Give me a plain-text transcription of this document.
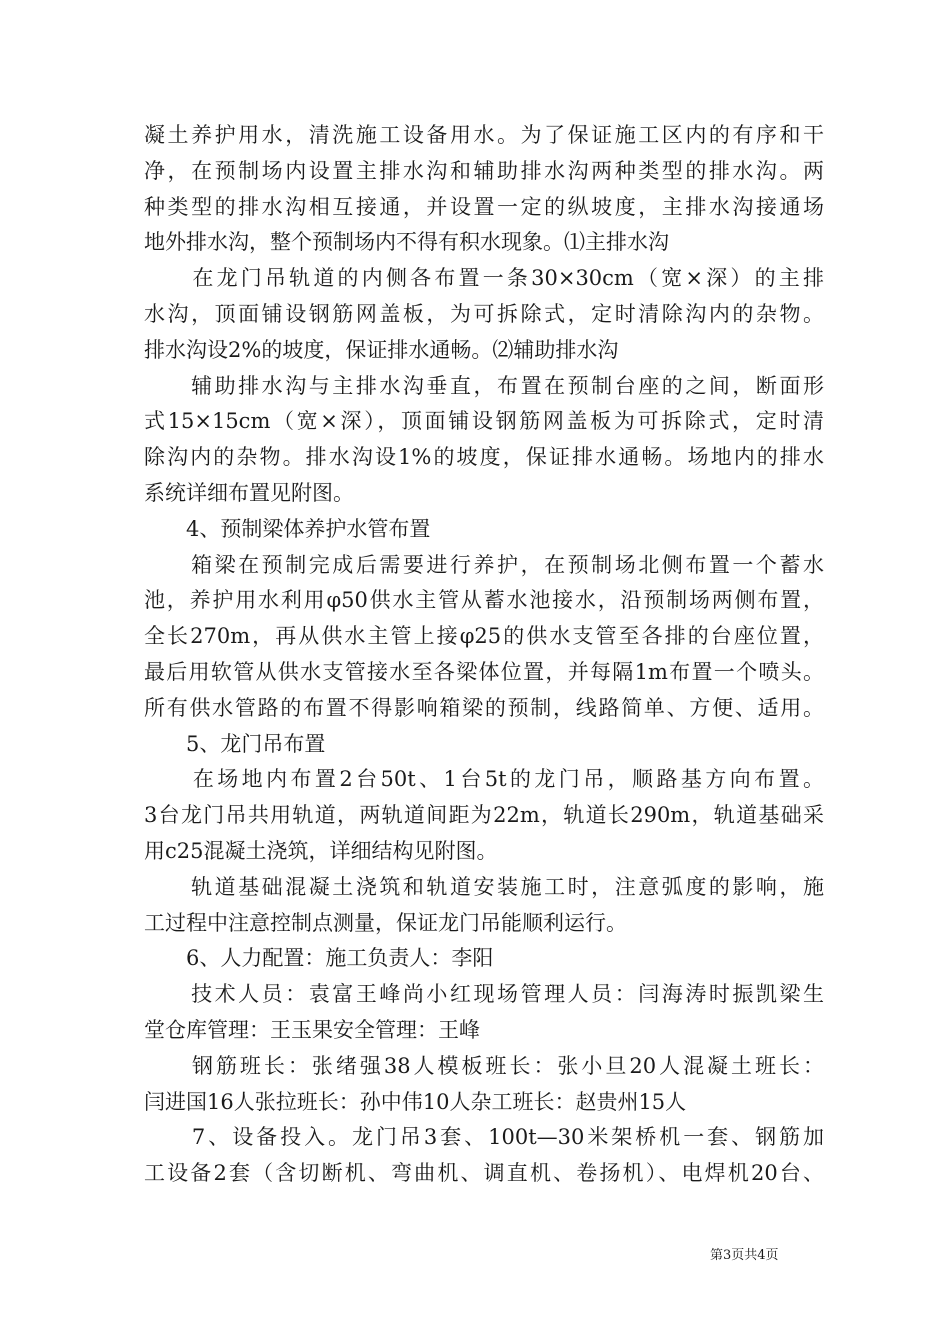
凝土养护用水，清洗施工设备用水。为了保证施工区内的有序和干
净，在预制场内设置主排水沟和辅助排水沟两种类型的排水沟。两
种类型的排水沟相互接通，并设置一定的纵坡度，主排水沟接通场
地外排水沟，整个预制场内不得有积水现象。⑴主排水沟
　　在龙门吊轨道的内侧各布置一条30×30cm（宽×深）的主排
水沟，顶面铺设钢筋网盖板，为可拆除式，定时清除沟内的杂物。
排水沟设2%的坡度，保证排水通畅。⑵辅助排水沟
　　辅助排水沟与主排水沟垂直，布置在预制台座的之间，断面形
式15×15cm（宽×深），顶面铺设钢筋网盖板为可拆除式，定时清
除沟内的杂物。排水沟设1%的坡度，保证排水通畅。场地内的排水
系统详细布置见附图。
　　4、预制梁体养护水管布置
　　箱梁在预制完成后需要进行养护，在预制场北侧布置一个蓄水
池，养护用水利用φ50供水主管从蓄水池接水，沿预制场两侧布置，
全长270m，再从供水主管上接φ25的供水支管至各排的台座位置，
最后用软管从供水支管接水至各梁体位置，并每隔1m布置一个喷头。
所有供水管路的布置不得影响箱梁的预制，线路简单、方便、适用。
　　5、龙门吊布置
　　在场地内布置2台50t、1台5t的龙门吊，顺路基方向布置。
3台龙门吊共用轨道，两轨道间距为22m，轨道长290m，轨道基础采
用c25混凝土浇筑，详细结构见附图。
　　轨道基础混凝土浇筑和轨道安装施工时，注意弧度的影响，施
工过程中注意控制点测量，保证龙门吊能顺利运行。
　　6、人力配置：施工负责人：李阳
　　技术人员：袁富王峰尚小红现场管理人员：闫海涛时振凯梁生
堂仓库管理：王玉果安全管理：王峰
　　钢筋班长：张绪强38人模板班长：张小旦20人混凝土班长：
闫进国16人张拉班长：孙中伟10人杂工班长：赵贵州15人
　　7、设备投入。龙门吊3套、100t—30米架桥机一套、钢筋加
工设备2套（含切断机、弯曲机、调直机、卷扬机）、电焊机20台、
第3页共4页
